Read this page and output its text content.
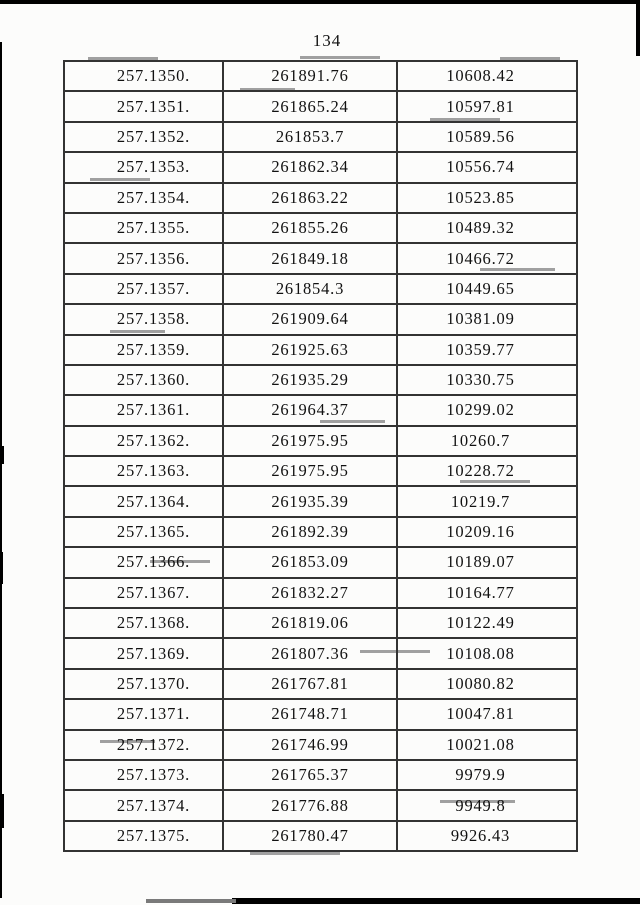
134
257.1350.	261891.76	10608.42
257.1351.	261865.24	10597.81
257.1352.	261853.7	10589.56
257.1353.	261862.34	10556.74
257.1354.	261863.22	10523.85
257.1355.	261855.26	10489.32
257.1356.	261849.18	10466.72
257.1357.	261854.3	10449.65
257.1358.	261909.64	10381.09
257.1359.	261925.63	10359.77
257.1360.	261935.29	10330.75
257.1361.	261964.37	10299.02
257.1362.	261975.95	10260.7
257.1363.	261975.95	10228.72
257.1364.	261935.39	10219.7
257.1365.	261892.39	10209.16
257.1366.	261853.09	10189.07
257.1367.	261832.27	10164.77
257.1368.	261819.06	10122.49
257.1369.	261807.36	10108.08
257.1370.	261767.81	10080.82
257.1371.	261748.71	10047.81
257.1372.	261746.99	10021.08
257.1373.	261765.37	9979.9
257.1374.	261776.88	9949.8
257.1375.	261780.47	9926.43
